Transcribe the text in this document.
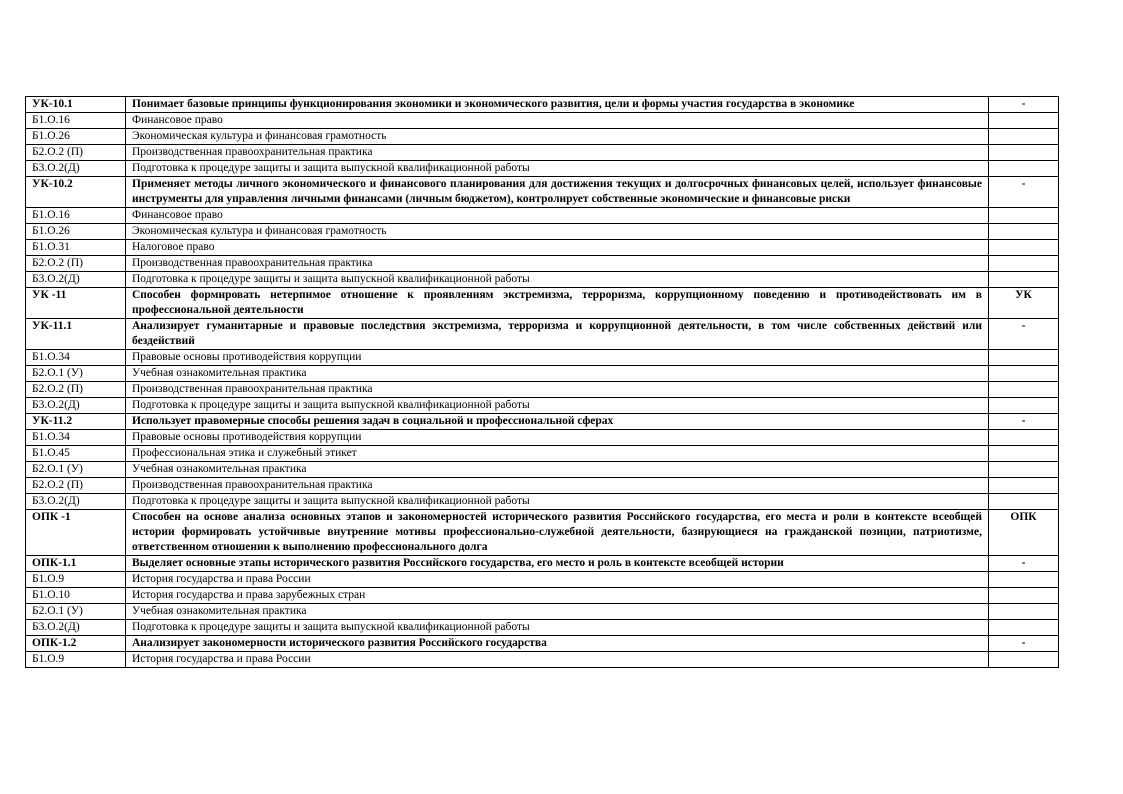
УК-10.1	Понимает базовые принципы функционирования экономики и экономического развития, цели и формы участия государства в экономике	-
Б1.О.16	Финансовое право	
Б1.О.26	Экономическая культура и финансовая грамотность	
Б2.О.2 (П)	Производственная правоохранительная практика	
Б3.О.2(Д)	Подготовка к процедуре защиты и защита выпускной квалификационной работы	
УК-10.2	Применяет методы личного экономического и финансового планирования для достижения текущих и долгосрочных финансовых целей, использует финансовые инструменты для управления личными финансами (личным бюджетом), контролирует собственные экономические и финансовые риски	-
Б1.О.16	Финансовое право	
Б1.О.26	Экономическая культура и финансовая грамотность	
Б1.О.31	Налоговое право	
Б2.О.2 (П)	Производственная правоохранительная практика	
Б3.О.2(Д)	Подготовка к процедуре защиты и защита выпускной квалификационной работы	
УК -11	Способен формировать нетерпимое отношение к проявлениям экстремизма, терроризма, коррупционному поведению и противодействовать им в профессиональной деятельности	УК
УК-11.1	Анализирует гуманитарные и правовые последствия экстремизма, терроризма и коррупционной деятельности, в том числе собственных действий или бездействий	-
Б1.О.34	Правовые основы противодействия коррупции	
Б2.О.1 (У)	Учебная ознакомительная практика	
Б2.О.2 (П)	Производственная правоохранительная практика	
Б3.О.2(Д)	Подготовка к процедуре защиты и защита выпускной квалификационной работы	
УК-11.2	Использует правомерные способы решения задач в социальной и профессиональной сферах	-
Б1.О.34	Правовые основы противодействия коррупции	
Б1.О.45	Профессиональная этика и служебный этикет	
Б2.О.1 (У)	Учебная ознакомительная практика	
Б2.О.2 (П)	Производственная правоохранительная практика	
Б3.О.2(Д)	Подготовка к процедуре защиты и защита выпускной квалификационной работы	
ОПК -1	Способен на основе анализа основных этапов и закономерностей исторического развития Российского государства, его места и роли в контексте всеобщей истории формировать устойчивые внутренние мотивы профессионально-служебной деятельности, базирующиеся на гражданской позиции, патриотизме, ответственном отношении к выполнению профессионального долга	ОПК
ОПК-1.1	Выделяет основные этапы исторического развития Российского государства, его место и роль в контексте всеобщей истории	-
Б1.О.9	История государства и права России	
Б1.О.10	История государства и права зарубежных стран	
Б2.О.1 (У)	Учебная ознакомительная практика	
Б3.О.2(Д)	Подготовка к процедуре защиты и защита выпускной квалификационной работы	
ОПК-1.2	Анализирует закономерности исторического развития Российского государства	-
Б1.О.9	История государства и права России	
